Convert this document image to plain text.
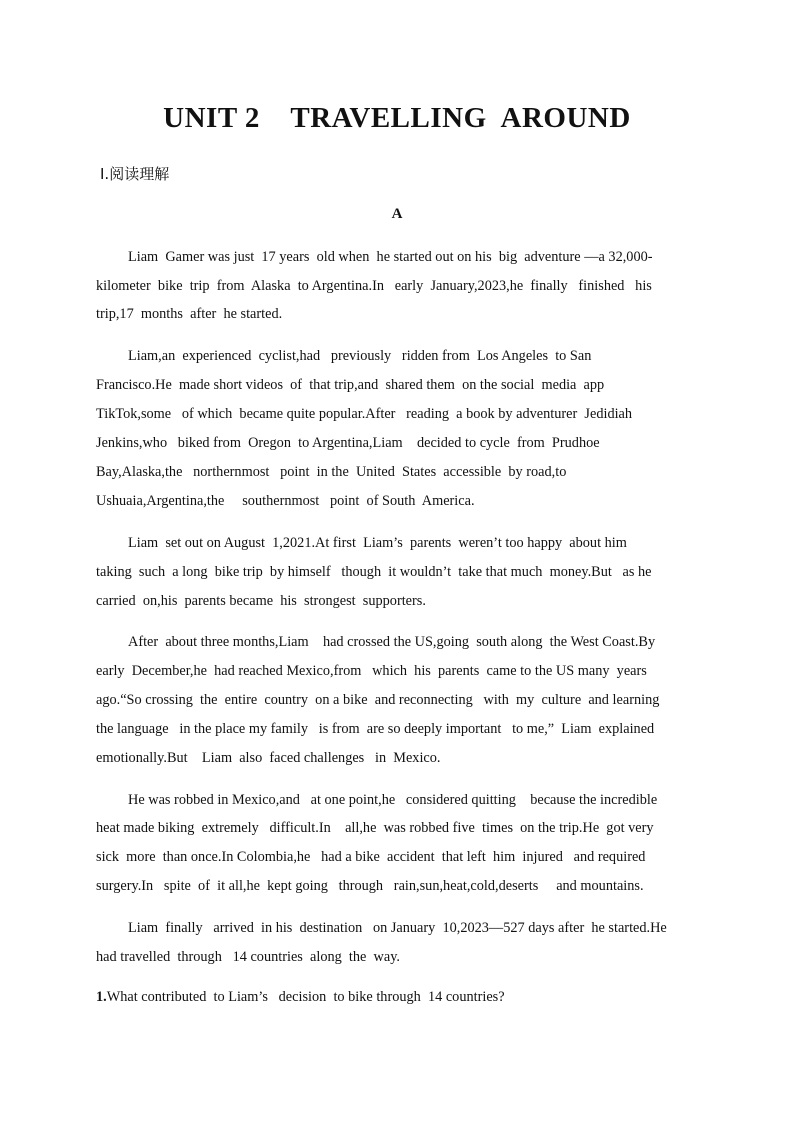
UNIT 2    TRAVELLING  AROUND
Ⅰ.阅读理解
A
Liam  Gamer was just  17 years  old when  he started out on his  big  adventure —a 32,000-
kilometer  bike  trip  from  Alaska  to Argentina.In   early  January,2023,he  finally   finished   his
trip,17  months  after  he started.
Liam,an  experienced  cyclist,had   previously   ridden from  Los Angeles  to San
Francisco.He  made short videos  of  that trip,and  shared them  on the social  media  app
TikTok,some   of which  became quite popular.After   reading  a book by adventurer  Jedidiah
Jenkins,who   biked from  Oregon  to Argentina,Liam    decided to cycle  from  Prudhoe
Bay,Alaska,the   northernmost   point  in the  United  States  accessible  by road,to
Ushuaia,Argentina,the     southernmost   point  of South  America.
Liam  set out on August  1,2021.At first  Liam’s  parents  weren’t too happy  about him
taking  such  a long  bike trip  by himself   though  it wouldn’t  take that much  money.But   as he
carried  on,his  parents became  his  strongest  supporters.
After  about three months,Liam    had crossed the US,going  south along  the West Coast.By
early  December,he  had reached Mexico,from   which  his  parents  came to the US many  years
ago.“So crossing  the  entire  country  on a bike  and reconnecting   with  my  culture  and learning
the language   in the place my family   is from  are so deeply important   to me,”  Liam  explained
emotionally.But    Liam  also  faced challenges   in  Mexico.
He was robbed in Mexico,and   at one point,he   considered quitting    because the incredible
heat made biking  extremely   difficult.In    all,he  was robbed five  times  on the trip.He  got very
sick  more  than once.In Colombia,he   had a bike  accident  that left  him  injured   and required
surgery.In   spite  of  it all,he  kept going   through   rain,sun,heat,cold,deserts     and mountains.
Liam  finally   arrived  in his  destination   on January  10,2023—527 days after  he started.He
had travelled  through   14 countries  along  the  way.
1.What contributed  to Liam’s   decision  to bike through  14 countries?
